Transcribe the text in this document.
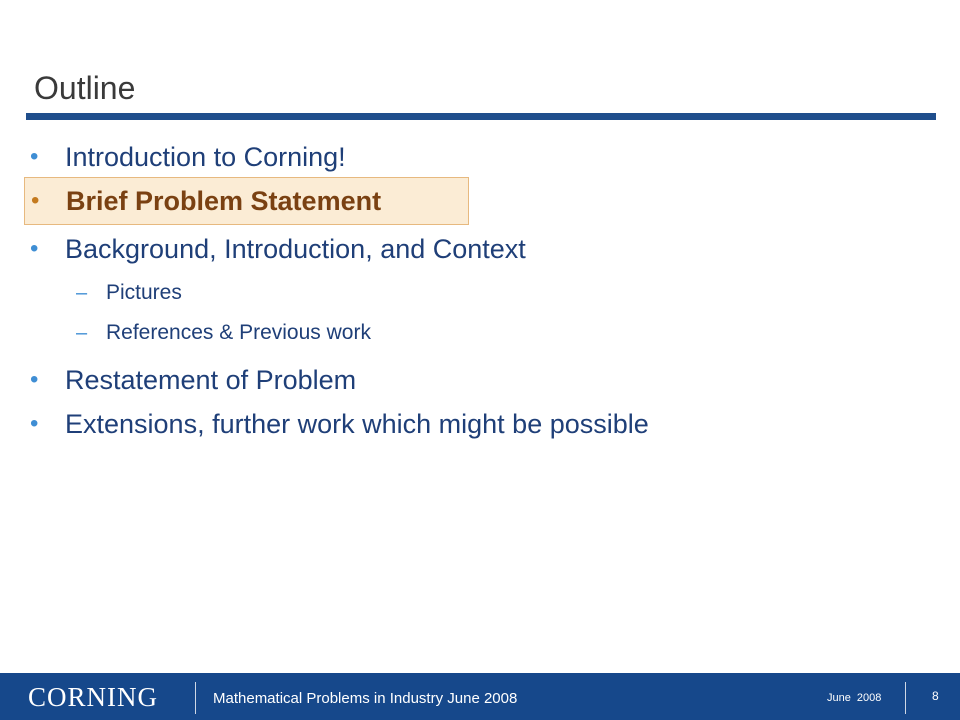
Outline
• Introduction to Corning!
• Brief Problem Statement
• Background, Introduction, and Context
– Pictures
– References & Previous work
• Restatement of Problem
• Extensions, further work which might be possible
CORNING	Mathematical Problems in Industry June 2008	June 2008	8
